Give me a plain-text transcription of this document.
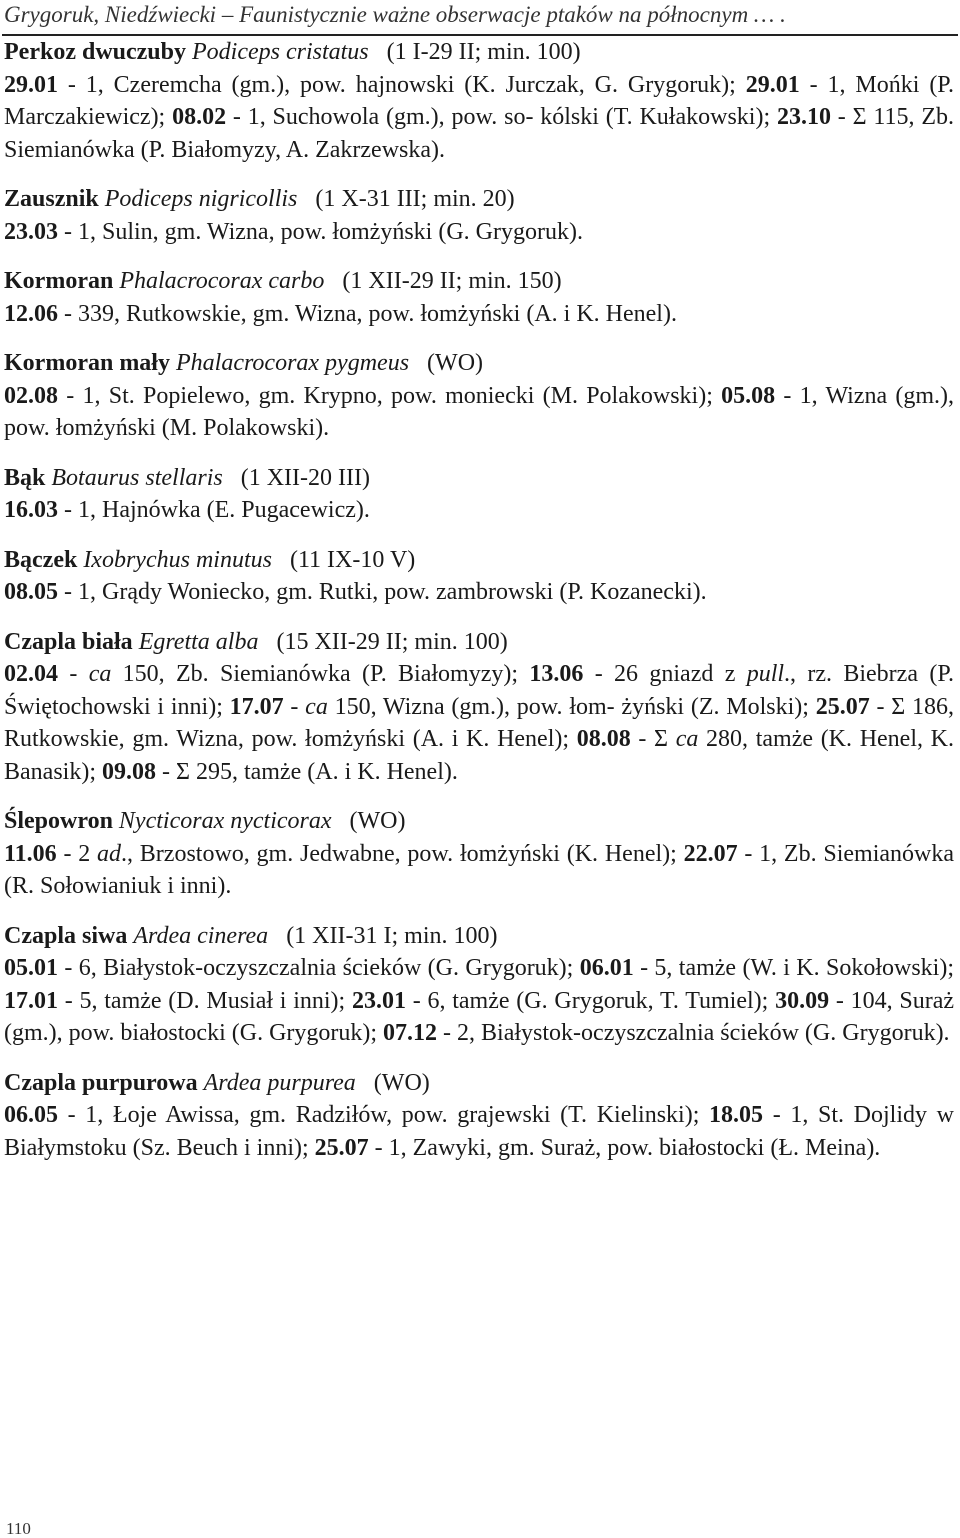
Grygoruk, Niedźwiecki – Faunistycznie ważne obserwacje ptaków na północnym … .
Perkoz dwuczuby Podiceps cristatus (1 I-29 II; min. 100)
29.01 - 1, Czeremcha (gm.), pow. hajnowski (K. Jurczak, G. Grygoruk); 29.01 - 1, Mońki (P. Marczakiewicz); 08.02 - 1, Suchowola (gm.), pow. so- kólski (T. Kułakowski); 23.10 - Σ 115, Zb. Siemianówka (P. Białomyzy, A. Zakrzewska).
Zausznik Podiceps nigricollis (1 X-31 III; min. 20)
23.03 - 1, Sulin, gm. Wizna, pow. łomżyński (G. Grygoruk).
Kormoran Phalacrocorax carbo (1 XII-29 II; min. 150)
12.06 - 339, Rutkowskie, gm. Wizna, pow. łomżyński (A. i K. Henel).
Kormoran mały Phalacrocorax pygmeus (WO)
02.08 - 1, St. Popielewo, gm. Krypno, pow. moniecki (M. Polakowski); 05.08 - 1, Wizna (gm.), pow. łomżyński (M. Polakowski).
Bąk Botaurus stellaris (1 XII-20 III)
16.03 - 1, Hajnówka (E. Pugacewicz).
Bączek Ixobrychus minutus (11 IX-10 V)
08.05 - 1, Grądy Woniecko, gm. Rutki, pow. zambrowski (P. Kozanecki).
Czapla biała Egretta alba (15 XII-29 II; min. 100)
02.04 - ca 150, Zb. Siemianówka (P. Białomyzy); 13.06 - 26 gniazd z pull., rz. Biebrza (P. Świętochowski i inni); 17.07 - ca 150, Wizna (gm.), pow. łom- żyński (Z. Molski); 25.07 - Σ 186, Rutkowskie, gm. Wizna, pow. łomżyński (A. i K. Henel); 08.08 - Σ ca 280, tamże (K. Henel, K. Banasik); 09.08 - Σ 295, tamże (A. i K. Henel).
Ślepowron Nycticorax nycticorax (WO)
11.06 - 2 ad., Brzostowo, gm. Jedwabne, pow. łomżyński (K. Henel); 22.07 - 1, Zb. Siemianówka (R. Sołowianiuk i inni).
Czapla siwa Ardea cinerea (1 XII-31 I; min. 100)
05.01 - 6, Białystok-oczyszczalnia ścieków (G. Grygoruk); 06.01 - 5, tamże (W. i K. Sokołowski); 17.01 - 5, tamże (D. Musiał i inni); 23.01 - 6, tamże (G. Grygoruk, T. Tumiel); 30.09 - 104, Suraż (gm.), pow. białostocki (G. Grygoruk); 07.12 - 2, Białystok-oczyszczalnia ścieków (G. Grygoruk).
Czapla purpurowa Ardea purpurea (WO)
06.05 - 1, Łoje Awissa, gm. Radziłów, pow. grajewski (T. Kielinski); 18.05 - 1, St. Dojlidy w Białymstoku (Sz. Beuch i inni); 25.07 - 1, Zawyki, gm. Suraż, pow. białostocki (Ł. Meina).
110
